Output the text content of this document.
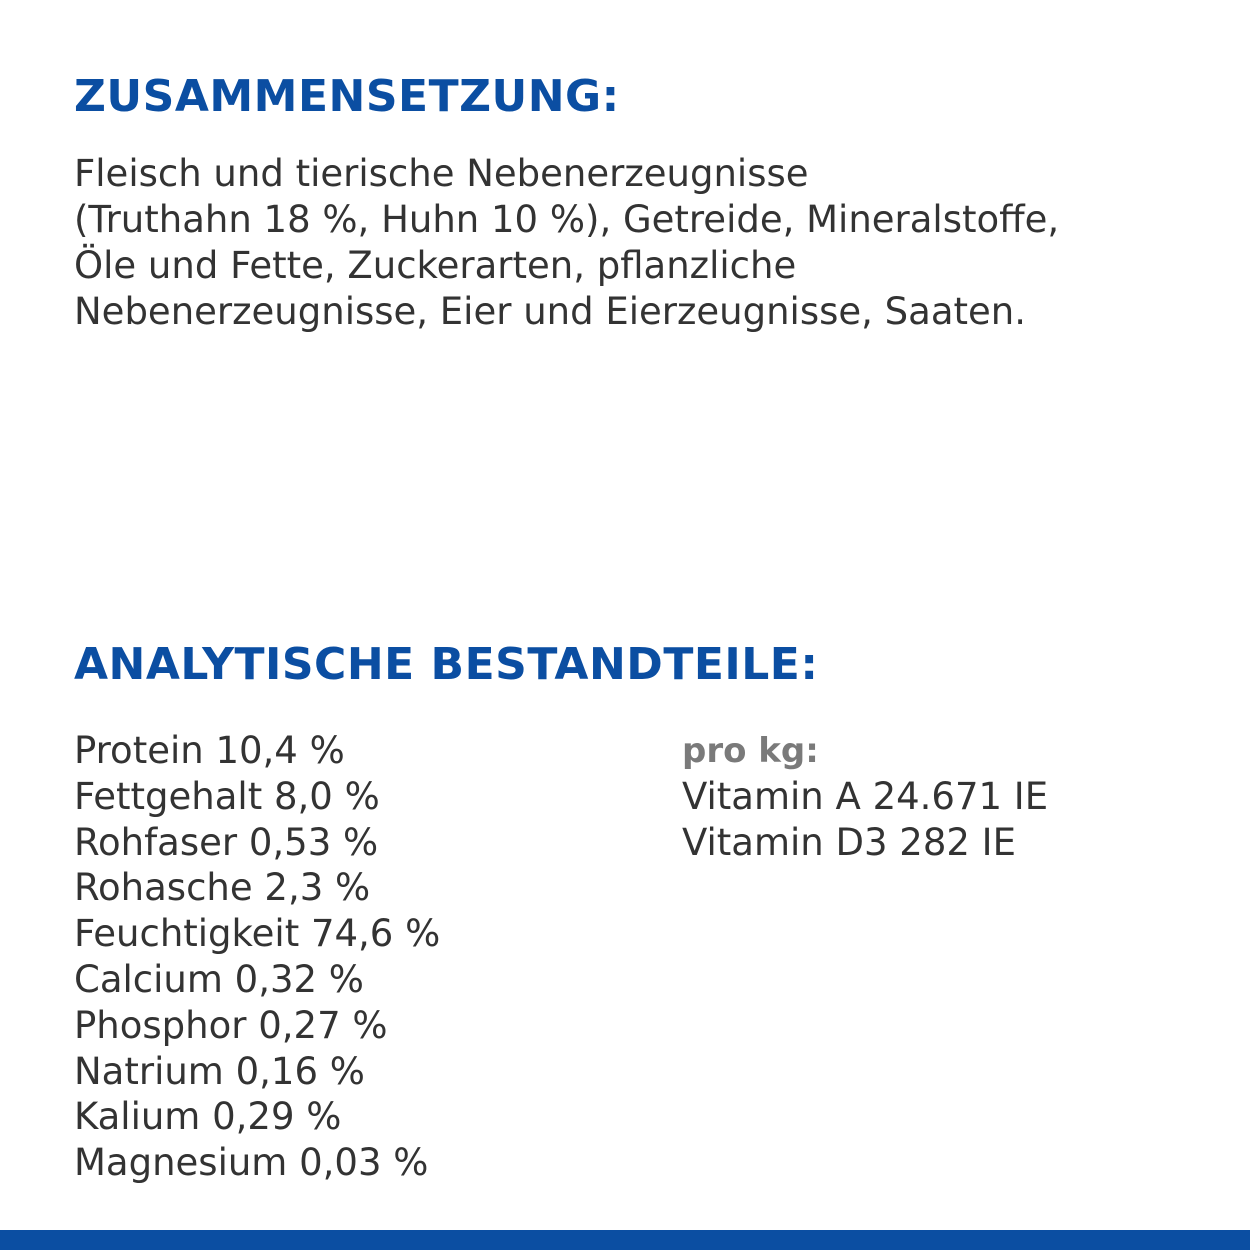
ZUSAMMENSETZUNG:
Fleisch und tierische Nebenerzeugnisse
(Truthahn 18 %, Huhn 10 %), Getreide, Mineralstoffe,
Öle und Fette, Zuckerarten, pflanzliche
Nebenerzeugnisse, Eier und Eierzeugnisse, Saaten.
ANALYTISCHE BESTANDTEILE:
Protein 10,4 %
Fettgehalt 8,0 %
Rohfaser 0,53 %
Rohasche 2,3 %
Feuchtigkeit 74,6 %
Calcium 0,32 %
Phosphor 0,27 %
Natrium 0,16 %
Kalium 0,29 %
Magnesium 0,03 %
pro kg:
Vitamin A 24.671 IE
Vitamin D3 282 IE
